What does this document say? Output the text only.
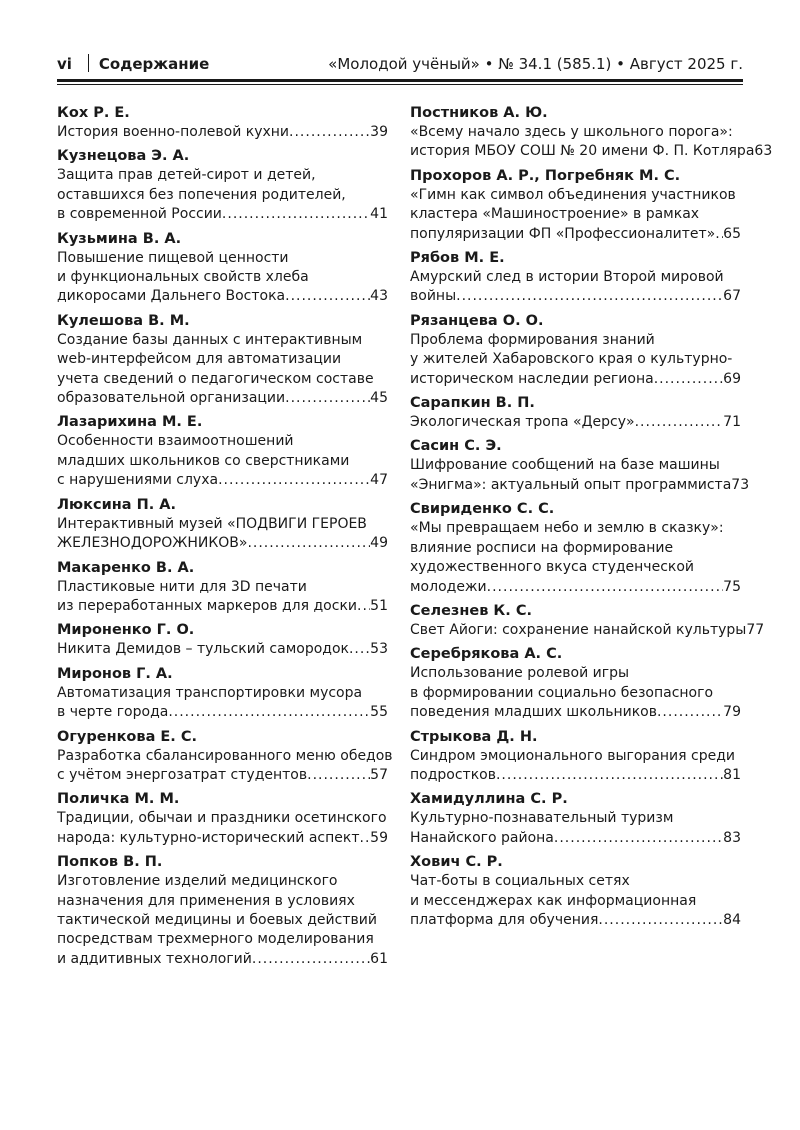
vi Содержание	«Молодой учёный» • № 34.1 (585.1) • Август 2025 г.
Кох Р. Е.
История военно-полевой кухни .....	39
Кузнецова Э. А.
Защита прав детей-сирот и детей,
оставшихся без попечения родителей,
в современной России .....	41
Кузьмина В. А.
Повышение пищевой ценности
и функциональных свойств хлеба
дикоросами Дальнего Востока .....	43
Кулешова В. М.
Создание базы данных с интерактивным
web-интерфейсом для автоматизации
учета сведений о педагогическом составе
образовательной организации .....	45
Лазарихина М. Е.
Особенности взаимоотношений
младших школьников со сверстниками
с нарушениями слуха .....	47
Люксина П. А.
Интерактивный музей «ПОДВИГИ ГЕРОЕВ
ЖЕЛЕЗНОДОРОЖНИКОВ» .....	49
Макаренко В. А.
Пластиковые нити для 3D печати
из переработанных маркеров для доски ..... 51
Мироненко Г. О.
Никита Демидов – тульский самородок ..... 53
Миронов Г. А.
Автоматизация транспортировки мусора
в черте города .....	55
Огуренкова Е. С.
Разработка сбалансированного меню обедов
с учётом энергозатрат студентов .....	57
Поличка М. М.
Традиции, обычаи и праздники осетинского
народа: культурно-исторический аспект ..... 59
Попков В. П.
Изготовление изделий медицинского
назначения для применения в условиях
тактической медицины и боевых действий
посредствам трехмерного моделирования
и аддитивных технологий .....	61
Постников А. Ю.
«Всему начало здесь у школьного порога»:
история МБОУ СОШ № 20 имени Ф. П. Котляра 63
Прохоров А. Р., Погребняк М. С.
«Гимн как символ объединения участников
кластера «Машиностроение» в рамках
популяризации ФП «Профессионалитет» ..... 65
Рябов М. Е.
Амурский след в истории Второй мировой
войны .....	67
Рязанцева О. О.
Проблема формирования знаний
у жителей Хабаровского края о культурно-
историческом наследии региона .....	69
Сарапкин В. П.
Экологическая тропа «Дерсу» .....	71
Сасин С. Э.
Шифрование сообщений на базе машины
«Энигма»: актуальный опыт программиста 73
Свириденко С. С.
«Мы превращаем небо и землю в сказку»:
влияние росписи на формирование
художественного вкуса студенческой
молодежи .....	75
Селезнев К. С.
Свет Айоги: сохранение нанайской культуры 77
Серебрякова А. С.
Использование ролевой игры
в формировании социально безопасного
поведения младших школьников .....	79
Стрыкова Д. Н.
Синдром эмоционального выгорания среди
подростков .....	81
Хамидуллина С. Р.
Культурно-познавательный туризм
Нанайского района .....	83
Хович С. Р.
Чат-боты в социальных сетях
и мессенджерах как информационная
платформа для обучения .....	84
